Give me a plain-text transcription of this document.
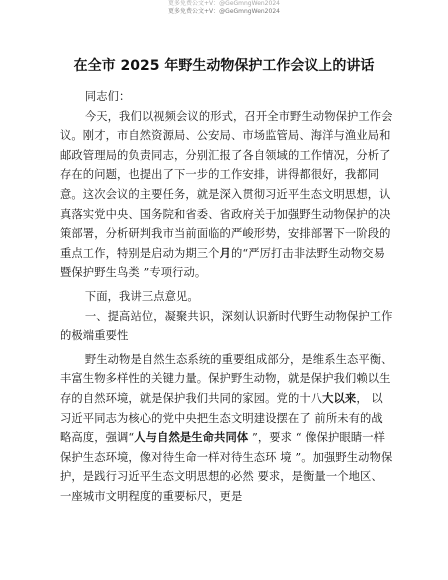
更多免费公文+V：@GeGmngWen2024
更多免费公文+V：@GeGmngWen2024
在全市 2025 年野生动物保护工作会议上的讲话

同志们：

今天，我们以视频会议的形式，召开全市野生动物保护工作会议。刚才，市自然资源局、公安局、市场监管局、海洋与渔业局和邮政管理局的负责同志，分别汇报了各自领域的工作情况，分析了存在的问题，也提出了下一步的工作安排，讲得都很好，我都同意。这次会议的主要任务，就是深入贯彻习近平生态文明思想，认真落实党中央、国务院和省委、省政府关于加强野生动物保护的决策部署，分析研判我市当前面临的严峻形势，安排部署下一阶段的重点工作，特别是启动为期三个月的“严厉打击非法野生动物交易暨保护野生鸟类 ”专项行动。

下面，我讲三点意见。

一、提高站位，凝聚共识，深刻认识新时代野生动物保护工作的极端重要性

野生动物是自然生态系统的重要组成部分，是维系生态平衡、丰富生物多样性的关键力量。保护野生动物，就是保护我们赖以生存的自然环境，就是保护我们共同的家园。党的十八大以来， 以习近平同志为核心的党中央把生态文明建设摆在了 前所未有的战略高度，强调“人与自然是生命共同体 ”，要求 “ 像保护眼睛一样保护生态环境，像对待生命一样对待生态环 境 ”。加强野生动物保护，是践行习近平生态文明思想的必然 要求，是衡量一个地区、一座城市文明程度的重要标尺，更是
